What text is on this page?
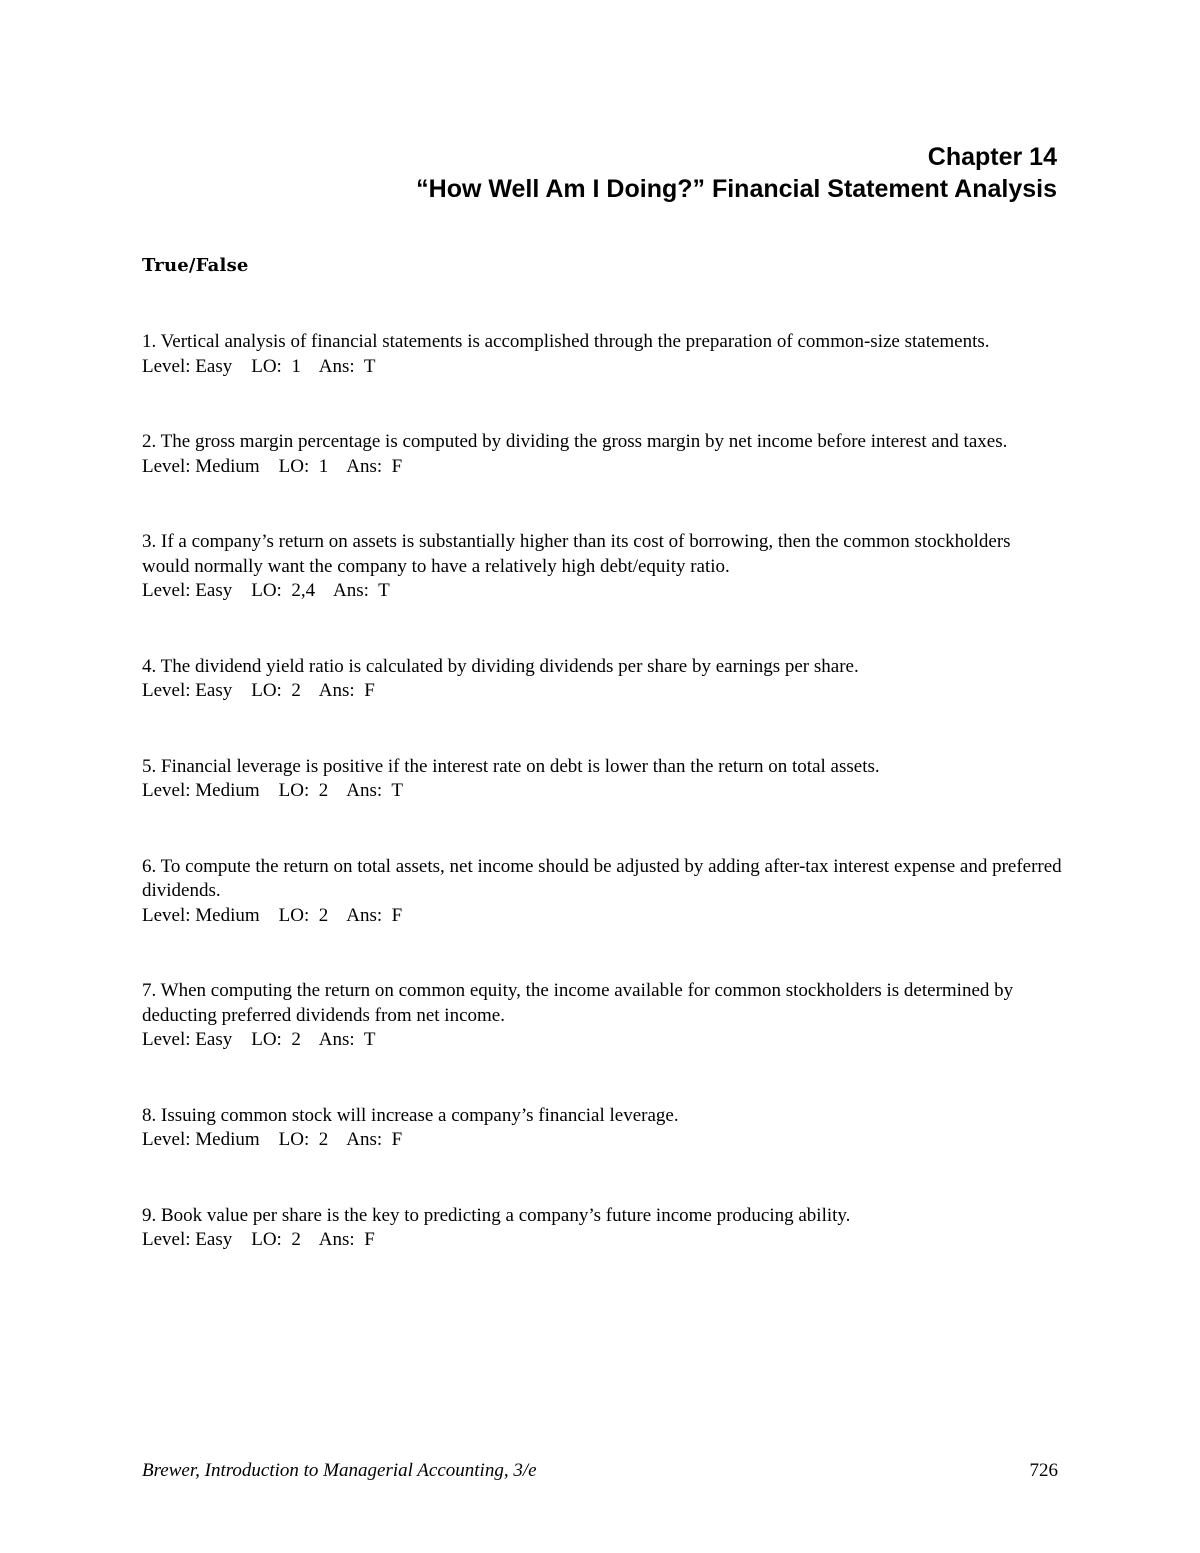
Chapter 14
“How Well Am I Doing?” Financial Statement Analysis
True/False
1. Vertical analysis of financial statements is accomplished through the preparation of common-size statements.
Level: Easy LO: 1 Ans: T
2. The gross margin percentage is computed by dividing the gross margin by net income before interest and taxes.
Level: Medium LO: 1 Ans: F
3. If a company’s return on assets is substantially higher than its cost of borrowing, then the common stockholders would normally want the company to have a relatively high debt/equity ratio.
Level: Easy LO: 2,4 Ans: T
4. The dividend yield ratio is calculated by dividing dividends per share by earnings per share.
Level: Easy LO: 2 Ans: F
5. Financial leverage is positive if the interest rate on debt is lower than the return on total assets.
Level: Medium LO: 2 Ans: T
6. To compute the return on total assets, net income should be adjusted by adding after-tax interest expense and preferred dividends.
Level: Medium LO: 2 Ans: F
7. When computing the return on common equity, the income available for common stockholders is determined by deducting preferred dividends from net income.
Level: Easy LO: 2 Ans: T
8. Issuing common stock will increase a company’s financial leverage.
Level: Medium LO: 2 Ans: F
9. Book value per share is the key to predicting a company’s future income producing ability.
Level: Easy LO: 2 Ans: F
Brewer, Introduction to Managerial Accounting, 3/e	726
